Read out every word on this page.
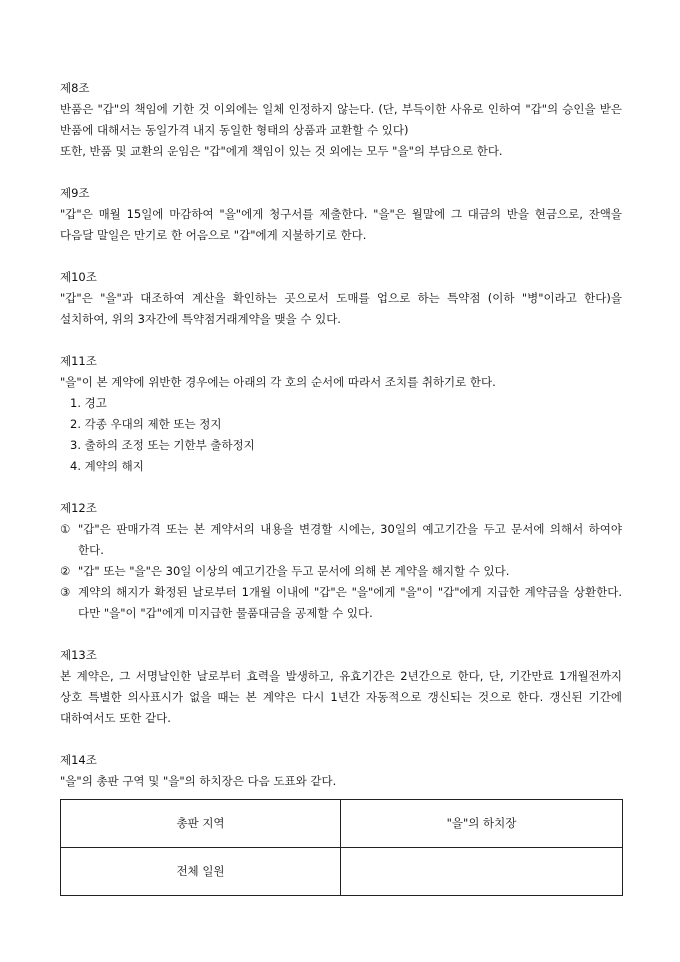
제8조
반품은 "갑"의 책임에 기한 것 이외에는 일체 인정하지 않는다. (단, 부득이한 사유로 인하여 "갑"의 승인을 받은 반품에 대해서는 동일가격 내지 동일한 형태의 상품과 교환할 수 있다)
또한, 반품 및 교환의 운임은 "갑"에게 책임이 있는 것 외에는 모두 "을"의 부담으로 한다.
제9조
"갑"은 매월 15일에 마감하여 "을"에게 청구서를 제출한다. "을"은 월말에 그 대금의 반을 현금으로, 잔액을 다음달 말일은 만기로 한 어음으로 "갑"에게 지불하기로 한다.
제10조
"갑"은 "을"과 대조하여 계산을 확인하는 곳으로서 도매를 업으로 하는 특약점 (이하 "병"이라고 한다)을 설치하여, 위의 3자간에 특약점거래계약을 맺을 수 있다.
제11조
"을"이 본 계약에 위반한 경우에는 아래의 각 호의 순서에 따라서 조치를 취하기로 한다.
1. 경고
2. 각종 우대의 제한 또는 정지
3. 출하의 조정 또는 기한부 출하정지
4. 계약의 해지
제12조
① "갑"은 판매가격 또는 본 계약서의 내용을 변경할 시에는, 30일의 예고기간을 두고 문서에 의해서 하여야 한다.
② "갑" 또는 "을"은 30일 이상의 예고기간을 두고 문서에 의해 본 계약을 해지할 수 있다.
③ 계약의 해지가 확정된 날로부터 1개월 이내에 "갑"은 "을"에게 "을"이 "갑"에게 지급한 계약금을 상환한다. 다만 "을"이 "갑"에게 미지급한 물품대금을 공제할 수 있다.
제13조
본 계약은, 그 서명날인한 날로부터 효력을 발생하고, 유효기간은 2년간으로 한다, 단, 기간만료 1개월전까지 상호 특별한 의사표시가 없을 때는 본 계약은 다시 1년간 자동적으로 갱신되는 것으로 한다. 갱신된 기간에 대하여서도 또한 같다.
제14조
"을"의 총판 구역 및 "을"의 하치장은 다음 도표와 같다.
총판 지역	"을"의 하치장
전체 일원	
